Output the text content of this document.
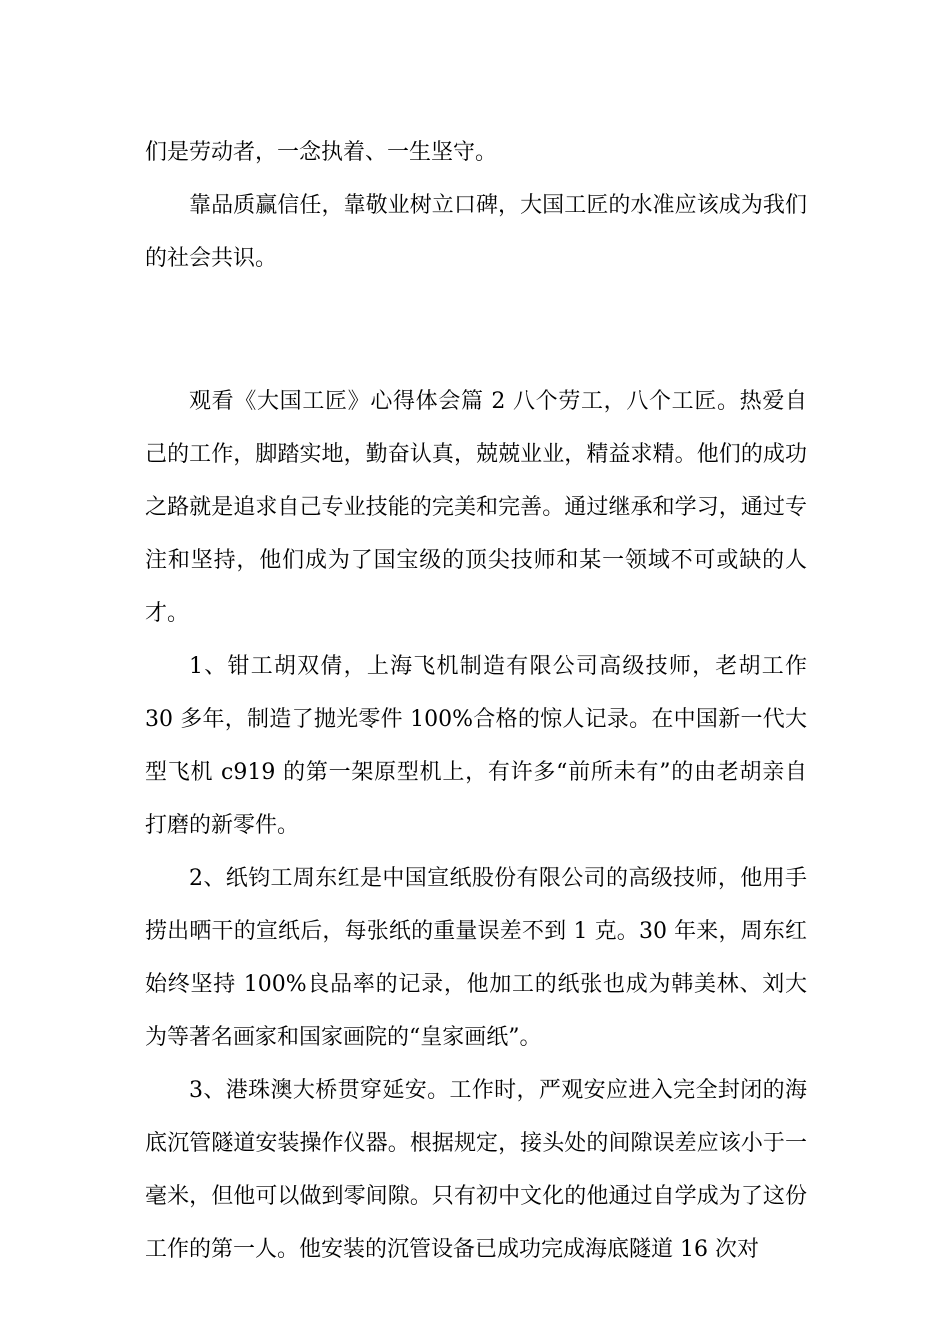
们是劳动者，一念执着、一生坚守。

靠品质赢信任，靠敬业树立口碑，大国工匠的水准应该成为我们的社会共识。

观看《大国工匠》心得体会篇 2 八个劳工，八个工匠。热爱自己的工作，脚踏实地，勤奋认真，兢兢业业，精益求精。他们的成功之路就是追求自己专业技能的完美和完善。通过继承和学习，通过专注和坚持，他们成为了国宝级的顶尖技师和某一领域不可或缺的人才。

1、钳工胡双倩，上海飞机制造有限公司高级技师，老胡工作 30 多年，制造了抛光零件 100%合格的惊人记录。在中国新一代大型飞机 c919 的第一架原型机上，有许多“前所未有”的由老胡亲自打磨的新零件。

2、纸钧工周东红是中国宣纸股份有限公司的高级技师，他用手捞出晒干的宣纸后，每张纸的重量误差不到 1 克。30 年来，周东红始终坚持 100%良品率的记录，他加工的纸张也成为韩美林、刘大为等著名画家和国家画院的“皇家画纸”。

3、港珠澳大桥贯穿延安。工作时，严观安应进入完全封闭的海底沉管隧道安装操作仪器。根据规定，接头处的间隙误差应该小于一毫米，但他可以做到零间隙。只有初中文化的他通过自学成为了这份工作的第一人。他安装的沉管设备已成功完成海底隧道 16 次对
